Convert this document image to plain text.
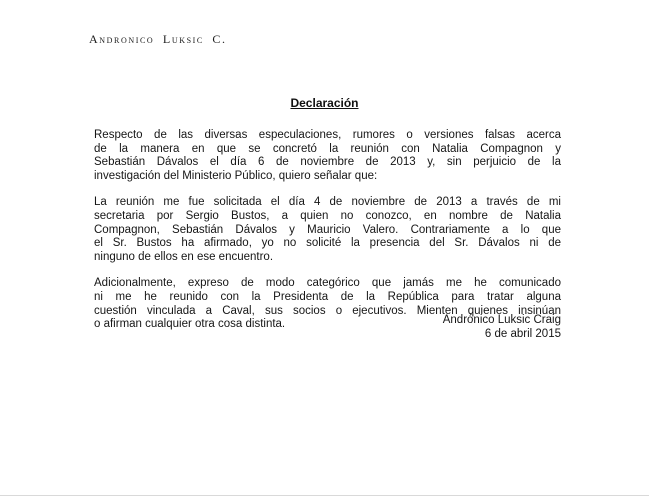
Andronico Luksic C.
Declaración

Respecto de las diversas especulaciones, rumores o versiones falsas acerca
de la manera en que se concretó la reunión con Natalia Compagnon y
Sebastián Dávalos el día 6 de noviembre de 2013 y, sin perjuicio de la
investigación del Ministerio Público, quiero señalar que:

La reunión me fue solicitada el día 4 de noviembre de 2013 a través de mi
secretaria por Sergio Bustos, a quien no conozco, en nombre de Natalia
Compagnon, Sebastián Dávalos y Mauricio Valero. Contrariamente a lo que
el Sr. Bustos ha afirmado, yo no solicité la presencia del Sr. Dávalos ni de
ninguno de ellos en ese encuentro.

Adicionalmente, expreso de modo categórico que jamás me he comunicado
ni me he reunido con la Presidenta de la República para tratar alguna
cuestión vinculada a Caval, sus socios o ejecutivos. Mienten quienes insinúan
o afirman cualquier otra cosa distinta.	Andrónico Luksic Craig
6 de abril 2015
